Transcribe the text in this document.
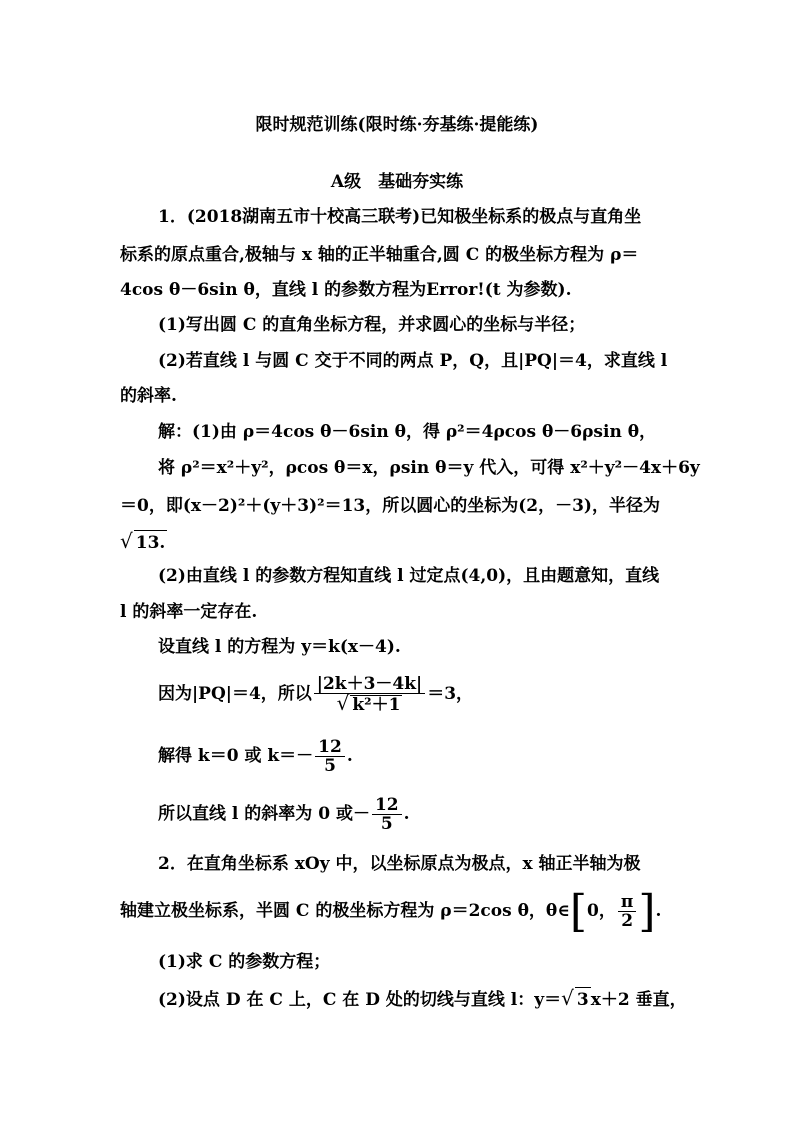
限时规范训练(限时练·夯基练·提能练)
A级　基础夯实练
1．(2018湖南五市十校高三联考)已知极坐标系的极点与直角坐
标系的原点重合,极轴与 x 轴的正半轴重合,圆 C 的极坐标方程为 ρ＝
4cos θ－6sin θ，直线 l 的参数方程为Error!(t 为参数).
(1)写出圆 C 的直角坐标方程，并求圆心的坐标与半径；
(2)若直线 l 与圆 C 交于不同的两点 P，Q，且|PQ|＝4，求直线 l
的斜率.
解：(1)由 ρ＝4cos θ－6sin θ，得 ρ²＝4ρcos θ－6ρsin θ，
将 ρ²＝x²＋y²，ρcos θ＝x，ρsin θ＝y 代入，可得 x²＋y²－4x＋6y
＝0，即(x－2)²＋(y＋3)²＝13，所以圆心的坐标为(2，－3)，半径为
√ 13.
(2)由直线 l 的参数方程知直线 l 过定点(4,0)，且由题意知，直线
l 的斜率一定存在.
设直线 l 的方程为 y＝k(x－4).
因为|PQ|＝4，所以 $\frac{|2k+3-4k|}{\text{√ k²＋1}} =3$，
解得 k＝0 或 $k=- \frac{12}{5}$ .
所以直线 l 的斜率为 0 或－ $\frac{12}{5}$ .
2．在直角坐标系 xOy 中，以坐标原点为极点，x 轴正半轴为极
轴建立极坐标系，半圆 C 的极坐标方程为 ρ＝2cos θ，θ∈[0， $\frac{\pi}{2}$ ].
(1)求 C 的参数方程；
(2)设点 D 在 C 上，C 在 D 处的切线与直线 l：y＝√ 3 x＋2 垂直，
